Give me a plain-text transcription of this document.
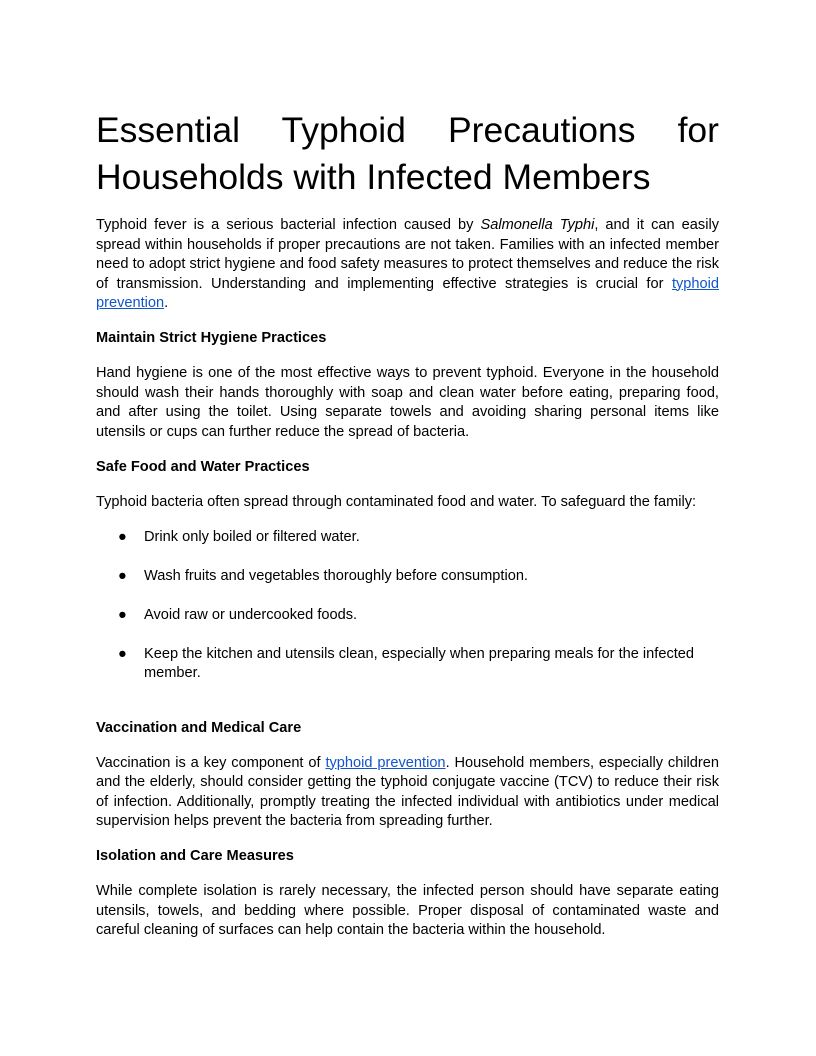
Essential Typhoid Precautions for
Households with Infected Members

Typhoid fever is a serious bacterial infection caused by Salmonella Typhi, and it can easily spread within households if proper precautions are not taken. Families with an infected member need to adopt strict hygiene and food safety measures to protect themselves and reduce the risk of transmission. Understanding and implementing effective strategies is crucial for typhoid prevention.

Maintain Strict Hygiene Practices

Hand hygiene is one of the most effective ways to prevent typhoid. Everyone in the household should wash their hands thoroughly with soap and clean water before eating, preparing food, and after using the toilet. Using separate towels and avoiding sharing personal items like utensils or cups can further reduce the spread of bacteria.

Safe Food and Water Practices

Typhoid bacteria often spread through contaminated food and water. To safeguard the family:

● Drink only boiled or filtered water.
● Wash fruits and vegetables thoroughly before consumption.
● Avoid raw or undercooked foods.
● Keep the kitchen and utensils clean, especially when preparing meals for the infected member.
Vaccination and Medical Care

Vaccination is a key component of typhoid prevention. Household members, especially children and the elderly, should consider getting the typhoid conjugate vaccine (TCV) to reduce their risk of infection. Additionally, promptly treating the infected individual with antibiotics under medical supervision helps prevent the bacteria from spreading further.

Isolation and Care Measures

While complete isolation is rarely necessary, the infected person should have separate eating utensils, towels, and bedding where possible. Proper disposal of contaminated waste and careful cleaning of surfaces can help contain the bacteria within the household.
